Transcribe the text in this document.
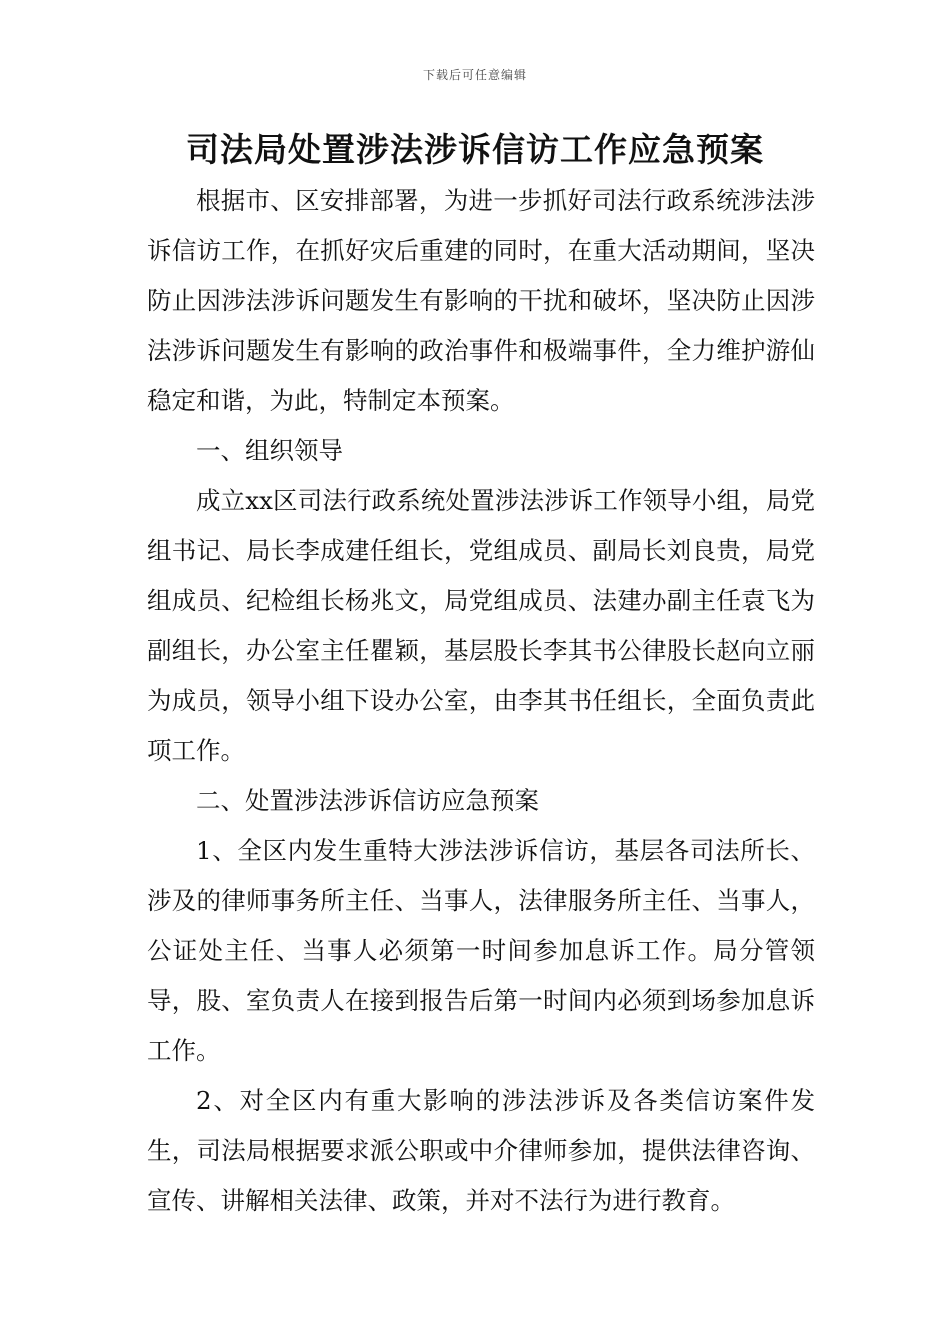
下载后可任意编辑
司法局处置涉法涉诉信访工作应急预案

根据市、区安排部署，为进一步抓好司法行政系统涉法涉诉信访工作，在抓好灾后重建的同时，在重大活动期间，坚决防止因涉法涉诉问题发生有影响的干扰和破坏，坚决防止因涉法涉诉问题发生有影响的政治事件和极端事件，全力维护游仙稳定和谐，为此，特制定本预案。

一、组织领导

成立xx区司法行政系统处置涉法涉诉工作领导小组，局党组书记、局长李成建任组长，党组成员、副局长刘良贵，局党组成员、纪检组长杨兆文，局党组成员、法建办副主任袁飞为副组长，办公室主任瞿颖，基层股长李其书公律股长赵向立丽为成员，领导小组下设办公室，由李其书任组长，全面负责此项工作。

二、处置涉法涉诉信访应急预案

1、全区内发生重特大涉法涉诉信访，基层各司法所长、涉及的律师事务所主任、当事人，法律服务所主任、当事人，公证处主任、当事人必须第一时间参加息诉工作。局分管领导，股、室负责人在接到报告后第一时间内必须到场参加息诉工作。

2、对全区内有重大影响的涉法涉诉及各类信访案件发生，司法局根据要求派公职或中介律师参加，提供法律咨询、宣传、讲解相关法律、政策，并对不法行为进行教育。
